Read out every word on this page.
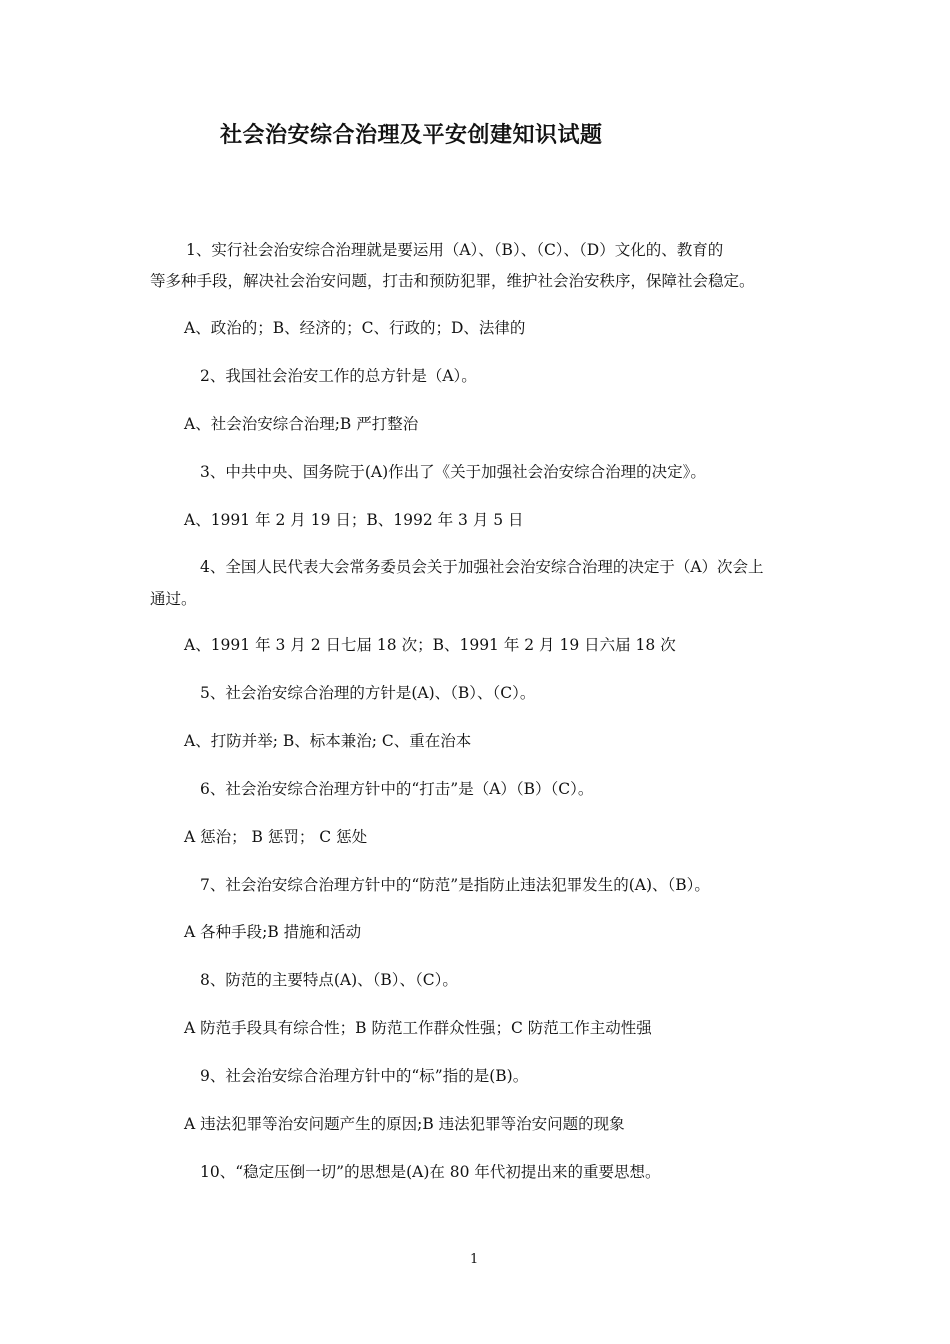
社会治安综合治理及平安创建知识试题
1、实行社会治安综合治理就是要运用（A）、（B）、（C）、（D）文化的、教育的
等多种手段，解决社会治安问题，打击和预防犯罪，维护社会治安秩序，保障社会稳定。
A、政治的；B、经济的；C、行政的；D、法律的
2、我国社会治安工作的总方针是（A）。
A、社会治安综合治理;B 严打整治
3、中共中央、国务院于(A)作出了《关于加强社会治安综合治理的决定》。
A、1991 年 2 月 19 日；B、1992 年 3 月 5 日
4、全国人民代表大会常务委员会关于加强社会治安综合治理的决定于（A）次会上
通过。
A、1991 年 3 月 2 日七届 18 次；B、1991 年 2 月 19 日六届 18 次
5、社会治安综合治理的方针是(A)、（B）、（C）。
A、打防并举; B、标本兼治; C、重在治本
6、社会治安综合治理方针中的“打击”是（A）（B）（C）。
A 惩治； B 惩罚； C 惩处
7、社会治安综合治理方针中的“防范”是指防止违法犯罪发生的(A)、（B）。
A 各种手段;B 措施和活动
8、防范的主要特点(A)、（B）、（C）。
A 防范手段具有综合性；B 防范工作群众性强；C 防范工作主动性强
9、社会治安综合治理方针中的“标”指的是(B)。
A 违法犯罪等治安问题产生的原因;B 违法犯罪等治安问题的现象
10、“稳定压倒一切”的思想是(A)在 80 年代初提出来的重要思想。
1
